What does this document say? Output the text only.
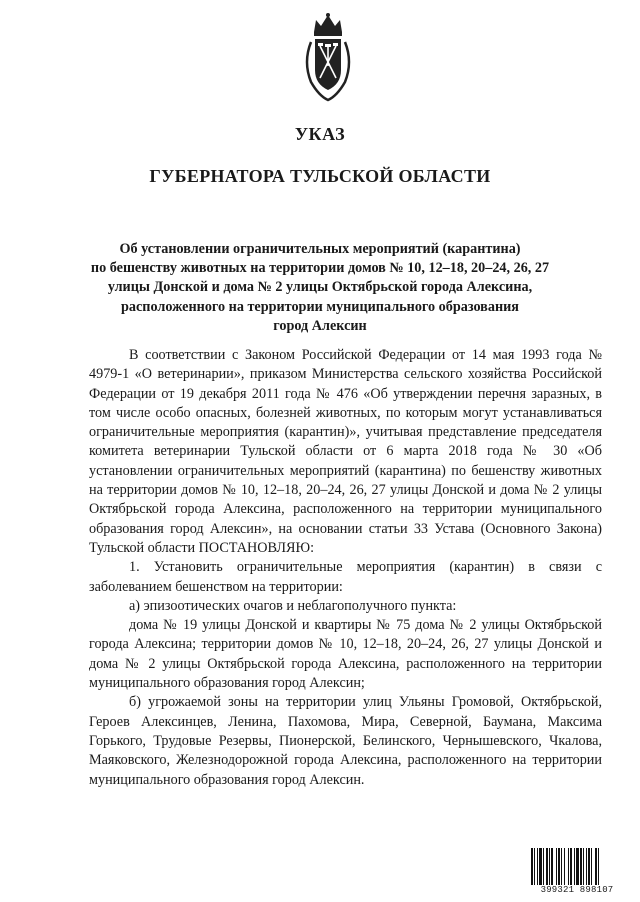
УКАЗ
ГУБЕРНАТОРА ТУЛЬСКОЙ ОБЛАСТИ
Об установлении ограничительных мероприятий (карантина)
по бешенству животных на территории домов № 10, 12–18, 20–24, 26, 27
улицы Донской и дома № 2 улицы Октябрьской города Алексина,
расположенного на территории муниципального образования
город Алексин

В соответствии с Законом Российской Федерации от 14 мая 1993 года № 4979-1 «О ветеринарии», приказом Министерства сельского хозяйства Российской Федерации от 19 декабря 2011 года № 476 «Об утверждении перечня заразных, в том числе особо опасных, болезней животных, по которым могут устанавливаться ограничительные мероприятия (карантин)», учитывая представление председателя комитета ветеринарии Тульской области от 6 марта 2018 года № 30 «Об установлении ограничительных мероприятий (карантина) по бешенству животных на территории домов № 10, 12–18, 20–24, 26, 27 улицы Донской и дома № 2 улицы Октябрьской города Алексина, расположенного на территории муниципального образования город Алексин», на основании статьи 33 Устава (Основного Закона) Тульской области ПОСТАНОВЛЯЮ:

1. Установить ограничительные мероприятия (карантин) в связи с заболеванием бешенством на территории:

а) эпизоотических очагов и неблагополучного пункта:

дома № 19 улицы Донской и квартиры № 75 дома № 2 улицы Октябрьской города Алексина; территории домов № 10, 12–18, 20–24, 26, 27 улицы Донской и дома № 2 улицы Октябрьской города Алексина, расположенного на территории муниципального образования город Алексин;

б) угрожаемой зоны на территории улиц Ульяны Громовой, Октябрьской, Героев Алексинцев, Ленина, Пахомова, Мира, Северной, Баумана, Максима Горького, Трудовые Резервы, Пионерской, Белинского, Чернышевского, Чкалова, Маяковского, Железнодорожной города Алексина, расположенного на территории муниципального образования город Алексин.

399321 898107
